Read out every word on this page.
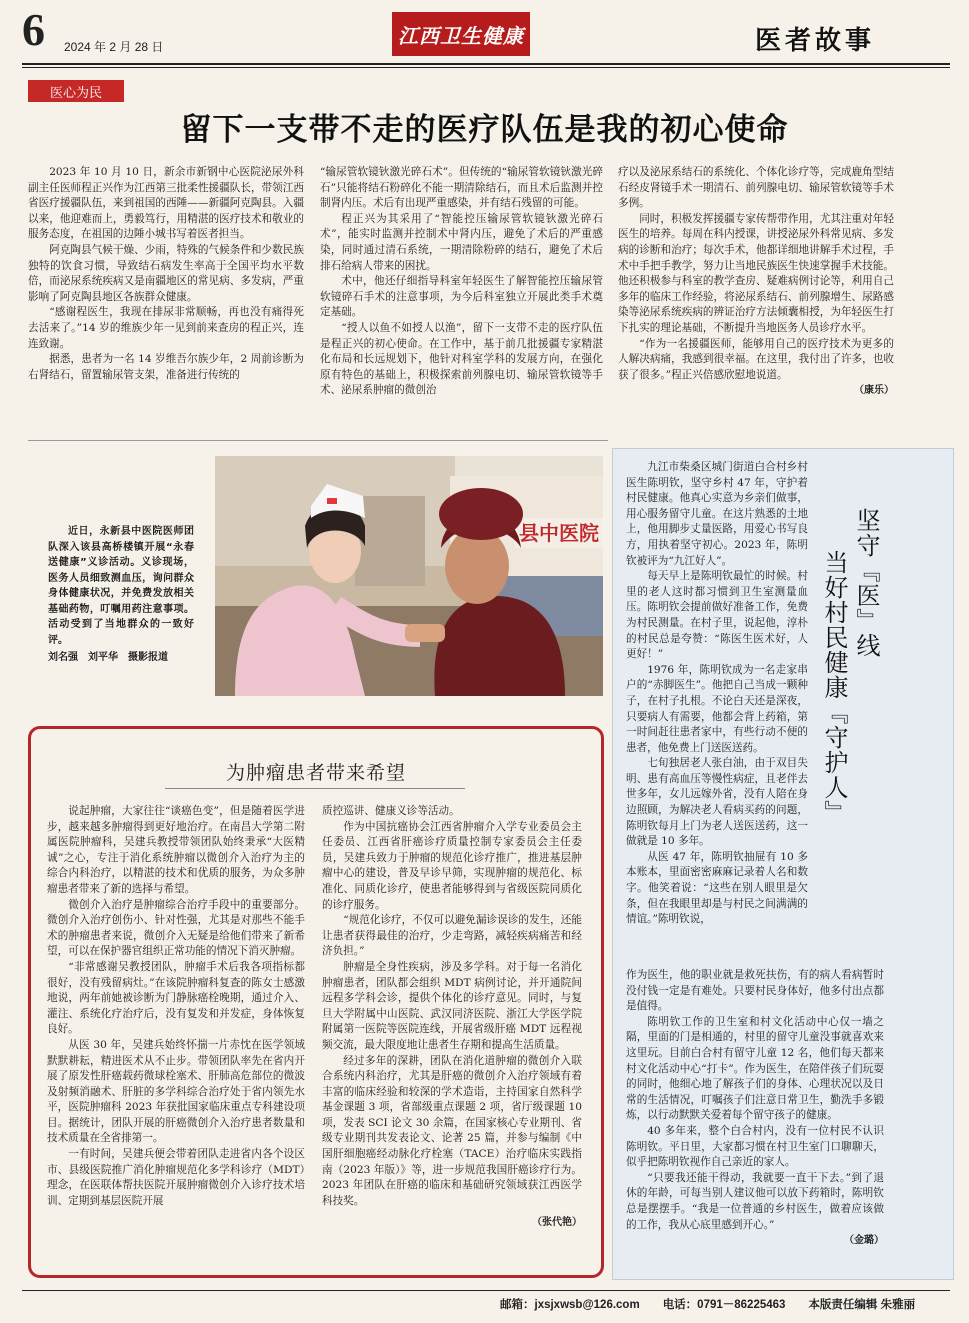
6 2024 年 2 月 28 日	江西卫生健康	医者故事
医心为民
留下一支带不走的医疗队伍是我的初心使命

2023 年 10 月 10 日，新余市新钢中心医院泌尿外科副主任医师程正兴作为江西第三批柔性援疆队长，带领江西省医疗援疆队伍，来到祖国的西陲——新疆阿克陶县。入疆以来，他迎难而上，勇毅笃行，用精湛的医疗技术和敬业的服务态度，在祖国的边陲小城书写着医者担当。

阿克陶县气候干燥、少雨，特殊的气候条件和少数民族独特的饮食习惯，导致结石病发生率高于全国平均水平数倍，而泌尿系统疾病又是南疆地区的常见病、多发病，严重影响了阿克陶县地区各族群众健康。

“感谢程医生，我现在排尿非常顺畅，再也没有痛得死去活来了。”14 岁的维族少年一见到前来查房的程正兴，连连致谢。

据悉，患者为一名 14 岁维吾尔族少年，2 周前诊断为右肾结石，留置输尿管支架，准备进行传统的

“输尿管软镜钬激光碎石术”。但传统的“输尿管软镜钬激光碎石”只能将结石粉碎化不能一期清除结石，而且术后监测并控制肾内压。术后有出现严重感染，并有结石残留的可能。

程正兴为其采用了“智能控压输尿管软镜钬激光碎石术”，能实时监测并控制术中肾内压，避免了术后的严重感染，同时通过清石系统，一期清除粉碎的结石，避免了术后排石给病人带来的困扰。

术中，他还仔细指导科室年轻医生了解智能控压输尿管软镜碎石手术的注意事项，为今后科室独立开展此类手术奠定基础。

“授人以鱼不如授人以渔”，留下一支带不走的医疗队伍是程正兴的初心使命。在工作中，基于前几批援疆专家精湛化布局和长远规划下，他针对科室学科的发展方向，在强化原有特色的基础上，积极探索前列腺电切、输尿管软镜等手术、泌尿系肿瘤的微创治

疗以及泌尿系结石的系统化、个体化诊疗等，完成鹿角型结石经皮肾镜手术一期清石、前列腺电切、输尿管软镜等手术多例。

同时，积极发挥援疆专家传帮带作用，尤其注重对年轻医生的培养。每周在科内授课，讲授泌尿外科常见病、多发病的诊断和治疗；每次手术，他都详细地讲解手术过程，手术中手把手教学，努力让当地民族医生快速掌握手术技能。他还积极参与科室的教学查房、疑难病例讨论等，利用自己多年的临床工作经验，将泌尿系结石、前列腺增生、尿路感染等泌尿系统疾病的辨证治疗方法倾囊相授，为年轻医生打下扎实的理论基础，不断提升当地医务人员诊疗水平。

“作为一名援疆医师，能够用自己的医疗技术为更多的人解决病痛，我感到很幸福。在这里，我付出了许多，也收获了很多。”程正兴倍感欣慰地说道。

（康乐）

近日，永新县中医院医师团队深入该县高桥楼镇开展“永春送健康”义诊活动。义诊现场，医务人员细致测血压，询问群众身体健康状况，并免费发放相关基础药物，叮嘱用药注意事项。活动受到了当地群众的一致好评。

刘名强　刘平华　摄影报道
县中医院
为肿瘤患者带来希望

说起肿瘤，大家往往“谈癌色变”，但是随着医学进步，越来越多肿瘤得到更好地治疗。在南昌大学第二附属医院肿瘤科，吴建兵教授带领团队始终秉承“大医精诚”之心，专注于消化系统肿瘤以微创介入治疗为主的综合内科治疗，以精湛的技术和优质的服务，为众多肿瘤患者带来了新的选择与希望。

微创介入治疗是肿瘤综合治疗手段中的重要部分。微创介入治疗创伤小、针对性强，尤其是对那些不能手术的肿瘤患者来说，微创介入无疑是给他们带来了新希望，可以在保护器官组织正常功能的情况下消灭肿瘤。

“非常感谢吴教授团队，肿瘤手术后我各项指标都很好，没有残留病灶。”在该院肿瘤科复查的陈女士感激地说，两年前她被诊断为门静脉癌栓晚期，通过介入、灌注、系统化疗治疗后，没有复发和并发症，身体恢复良好。

从医 30 年，吴建兵始终怀揣一片赤忱在医学领域默默耕耘，精进医术从不止步。带领团队率先在省内开展了原发性肝癌载药微球栓塞术、肝肺高危部位的微波及射频消融术、肝脏的多学科综合治疗处于省内领先水平，医院肿瘤科 2023 年获批国家临床重点专科建设项目。据统计，团队开展的肝癌微创介入治疗患者数量和技术质量在全省排第一。

一有时间，吴建兵便会带着团队走进省内各个设区市、县级医院推广消化肿瘤规范化多学科诊疗（MDT）理念，在医联体帮扶医院开展肿瘤微创介入诊疗技术培训、定期到基层医院开展

质控巡讲、健康义诊等活动。

作为中国抗癌协会江西省肿瘤介入学专业委员会主任委员、江西省肝癌诊疗质量控制专家委员会主任委员，吴建兵致力于肿瘤的规范化诊疗推广，推进基层肿瘤中心的建设，普及早诊早筛，实现肿瘤的规范化、标准化、同质化诊疗，使患者能够得到与省级医院同质化的诊疗服务。

“规范化诊疗，不仅可以避免漏诊误诊的发生，还能让患者获得最佳的治疗，少走弯路，减轻疾病痛苦和经济负担。”

肿瘤是全身性疾病，涉及多学科。对于每一名消化肿瘤患者，团队都会组织 MDT 病例讨论，并开通院间远程多学科会诊，提供个体化的诊疗意见。同时，与复旦大学附属中山医院、武汉同济医院、浙江大学医学院附属第一医院等医院连线，开展省级肝癌 MDT 远程视频交流，最大限度地让患者生存期和提高生活质量。

经过多年的深耕，团队在消化道肿瘤的微创介入联合系统内科治疗，尤其是肝癌的微创介入治疗领域有着丰富的临床经验和较深的学术造诣，主持国家自然科学基金课题 3 项，省部级重点课题 2 项，省厅级课题 10 项，发表 SCI 论文 30 余篇，在国家核心专业期刊、省级专业期刊共发表论文、论著 25 篇，并参与编制《中国肝细胞癌经动脉化疗栓塞（TACE）治疗临床实践指南（2023 年版）》等，进一步规范我国肝癌诊疗行为。2023 年团队在肝癌的临床和基础研究领域获江西医学科技奖。

（张代艳）

九江市柴桑区城门街道白合村乡村医生陈明钦，坚守乡村 47 年，守护着村民健康。他真心实意为乡亲们做事，用心服务留守儿童。在这片熟悉的土地上，他用脚步丈量医路，用爱心书写良方，用执着坚守初心。2023 年，陈明钦被评为“九江好人”。

每天早上是陈明钦最忙的时候。村里的老人这时都习惯到卫生室测量血压。陈明钦会提前做好准备工作，免费为村民测量。在村子里，说起他，淳朴的村民总是夸赞：“陈医生医术好，人更好！”

1976 年，陈明钦成为一名走家串户的“赤脚医生”。他把自己当成一颗种子，在村子扎根。不论白天还是深夜，只要病人有需要，他都会背上药箱，第一时间赶往患者家中，有些行动不便的患者，他免费上门送医送药。

七旬独居老人张白油，由于双目失明、患有高血压等慢性病症，且老伴去世多年，女儿远嫁外省，没有人陪在身边照顾，为解决老人看病买药的问题，陈明钦每月上门为老人送医送药，这一做就是 10 多年。

从医 47 年，陈明钦抽屉有 10 多本账本，里面密密麻麻记录着人名和数字。他笑着说：“这些在别人眼里是欠条，但在我眼里却是与村民之间满满的情谊。”陈明钦说，

坚守『医』线
当好村民健康『守护人』

作为医生，他的职业就是救死扶伤，有的病人看病暂时没付钱一定是有难处。只要村民身体好，他多付出点都是值得。

陈明钦工作的卫生室和村文化活动中心仅一墙之隔，里面的门是相通的，村里的留守儿童没事就喜欢来这里玩。目前白合村有留守儿童 12 名，他们每天都来村文化活动中心“打卡”。作为医生，在陪伴孩子们玩耍的同时，他细心地了解孩子们的身体、心理状况以及日常的生活情况，叮嘱孩子们注意日常卫生，勤洗手多锻炼，以行动默默关爱着每个留守孩子的健康。

40 多年来，整个白合村内，没有一位村民不认识陈明钦。平日里，大家都习惯在村卫生室门口聊聊天，似乎把陈明钦视作自己亲近的家人。

“只要我还能干得动，我就要一直干下去。”到了退休的年龄，可每当别人建议他可以放下药箱时，陈明钦总是摆摆手。“我是一位普通的乡村医生，做着应该做的工作，我从心底里感到开心。”

（金璐）
邮箱：jxsjxwsb@126.com　　 电话：0791－86225463　　 本版责任编辑 朱雅丽
